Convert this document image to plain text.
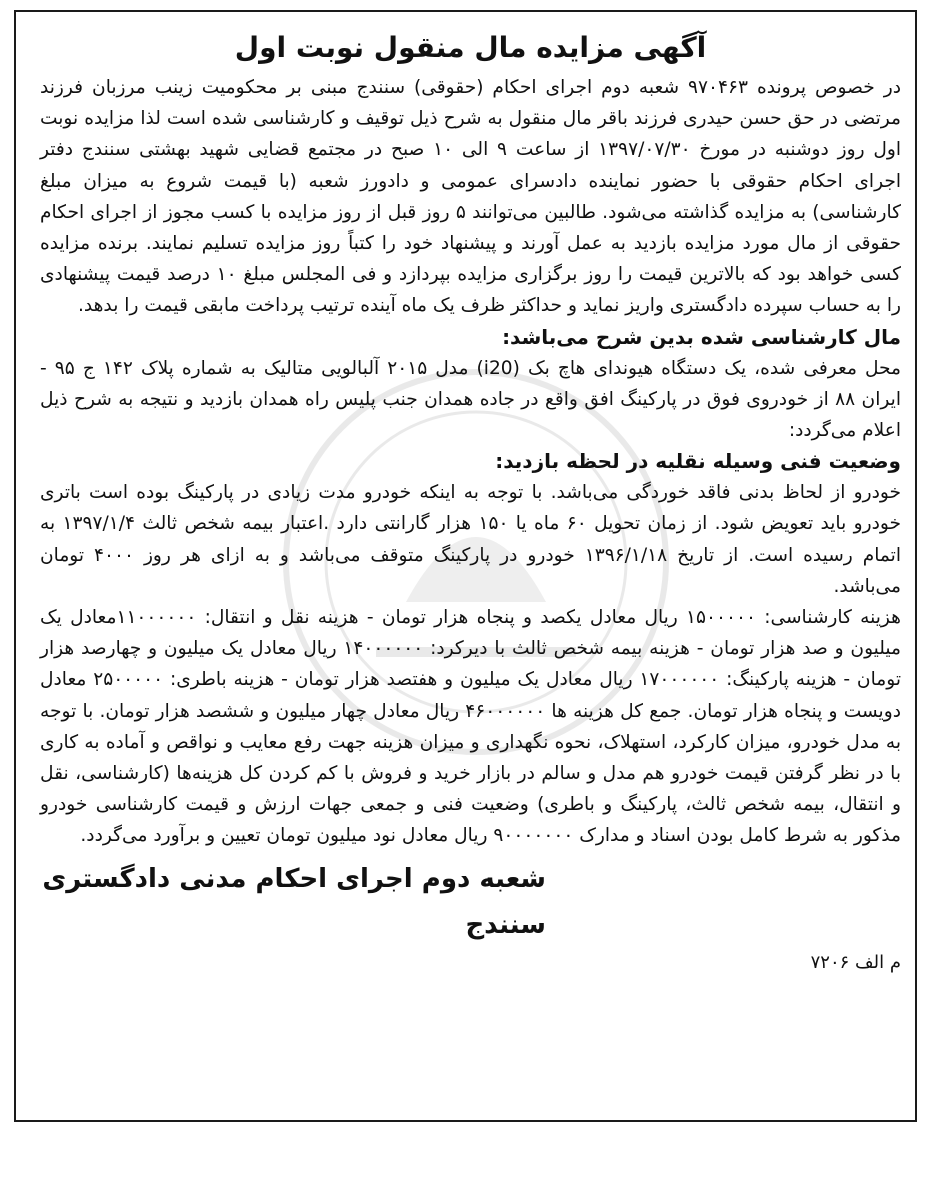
آگهی مزایده مال منقول نوبت اول

در خصوص پرونده ۹۷۰۴۶۳ شعبه دوم اجرای احکام (حقوقی) سنندج مبنی بر محکومیت زینب مرزبان فرزند مرتضی در حق حسن حیدری فرزند باقر مال منقول به شرح ذیل توقیف و کارشناسی شده است لذا مزایده نوبت اول روز دوشنبه در مورخ ۱۳۹۷/۰۷/۳۰ از ساعت ۹ الی ۱۰ صبح در مجتمع قضایی شهید بهشتی سنندج دفتر اجرای احکام حقوقی با حضور نماینده دادسرای عمومی و دادورز شعبه (با قیمت شروع به میزان مبلغ کارشناسی) به مزایده گذاشته می‌شود. طالبین می‌توانند ۵ روز قبل از روز مزایده با کسب مجوز از اجرای احکام حقوقی از مال مورد مزایده بازدید به عمل آورند و پیشنهاد خود را کتباً روز مزایده تسلیم نمایند. برنده مزایده کسی خواهد بود که بالاترین قیمت را روز برگزاری مزایده بپردازد و فی المجلس مبلغ ۱۰ درصد قیمت پیشنهادی را به حساب سپرده دادگستری واریز نماید و حداکثر ظرف یک ماه آینده ترتیب پرداخت مابقی قیمت را بدهد.

مال کارشناسی شده بدین شرح می‌باشد:

محل معرفی شده، یک دستگاه هیوندای هاچ بک (i20) مدل ۲۰۱۵ آلبالویی متالیک به شماره پلاک ۱۴۲ ج ۹۵ - ایران ۸۸ از خودروی فوق در پارکینگ افق واقع در جاده همدان جنب پلیس راه همدان بازدید و نتیجه به شرح ذیل اعلام می‌گردد:

وضعیت فنی وسیله نقلیه در لحظه بازدید:

خودرو از لحاظ بدنی فاقد خوردگی می‌باشد. با توجه به اینکه خودرو مدت زیادی در پارکینگ بوده است باتری خودرو باید تعویض شود. از زمان تحویل ۶۰ ماه یا ۱۵۰ هزار گارانتی دارد .اعتبار بیمه شخص ثالث ۱۳۹۷/۱/۴ به اتمام رسیده است. از تاریخ ۱۳۹۶/۱/۱۸ خودرو در پارکینگ متوقف می‌باشد و به ازای هر روز ۴۰۰۰ تومان می‌باشد.

هزینه کارشناسی: ۱۵۰۰۰۰۰ ریال معادل یکصد و پنجاه هزار تومان - هزینه نقل و انتقال: ۱۱۰۰۰۰۰۰معادل یک میلیون و صد هزار تومان - هزینه بیمه شخص ثالث با دیرکرد: ۱۴۰۰۰۰۰۰ ریال معادل یک میلیون و چهارصد هزار تومان - هزینه پارکینگ: ۱۷۰۰۰۰۰۰ ریال معادل یک میلیون و هفتصد هزار تومان - هزینه باطری: ۲۵۰۰۰۰۰ معادل دویست و پنجاه هزار تومان. جمع کل هزینه ها ۴۶۰۰۰۰۰۰ ریال معادل چهار میلیون و ششصد هزار تومان. با توجه به مدل خودرو، میزان کارکرد، استهلاک، نحوه نگهداری و میزان هزینه جهت رفع معایب و نواقص و آماده به کاری با در نظر گرفتن قیمت خودرو هم مدل و سالم در بازار خرید و فروش با کم کردن کل هزینه‌ها (کارشناسی، نقل و انتقال، بیمه شخص ثالث، پارکینگ و باطری) وضعیت فنی و جمعی جهات ارزش و قیمت کارشناسی خودرو مذکور به شرط کامل بودن اسناد و مدارک ۹۰۰۰۰۰۰۰ ریال معادل نود میلیون تومان تعیین و برآورد می‌گردد.

شعبه دوم اجرای احکام مدنی دادگستری سنندج

م الف ۷۲۰۶
